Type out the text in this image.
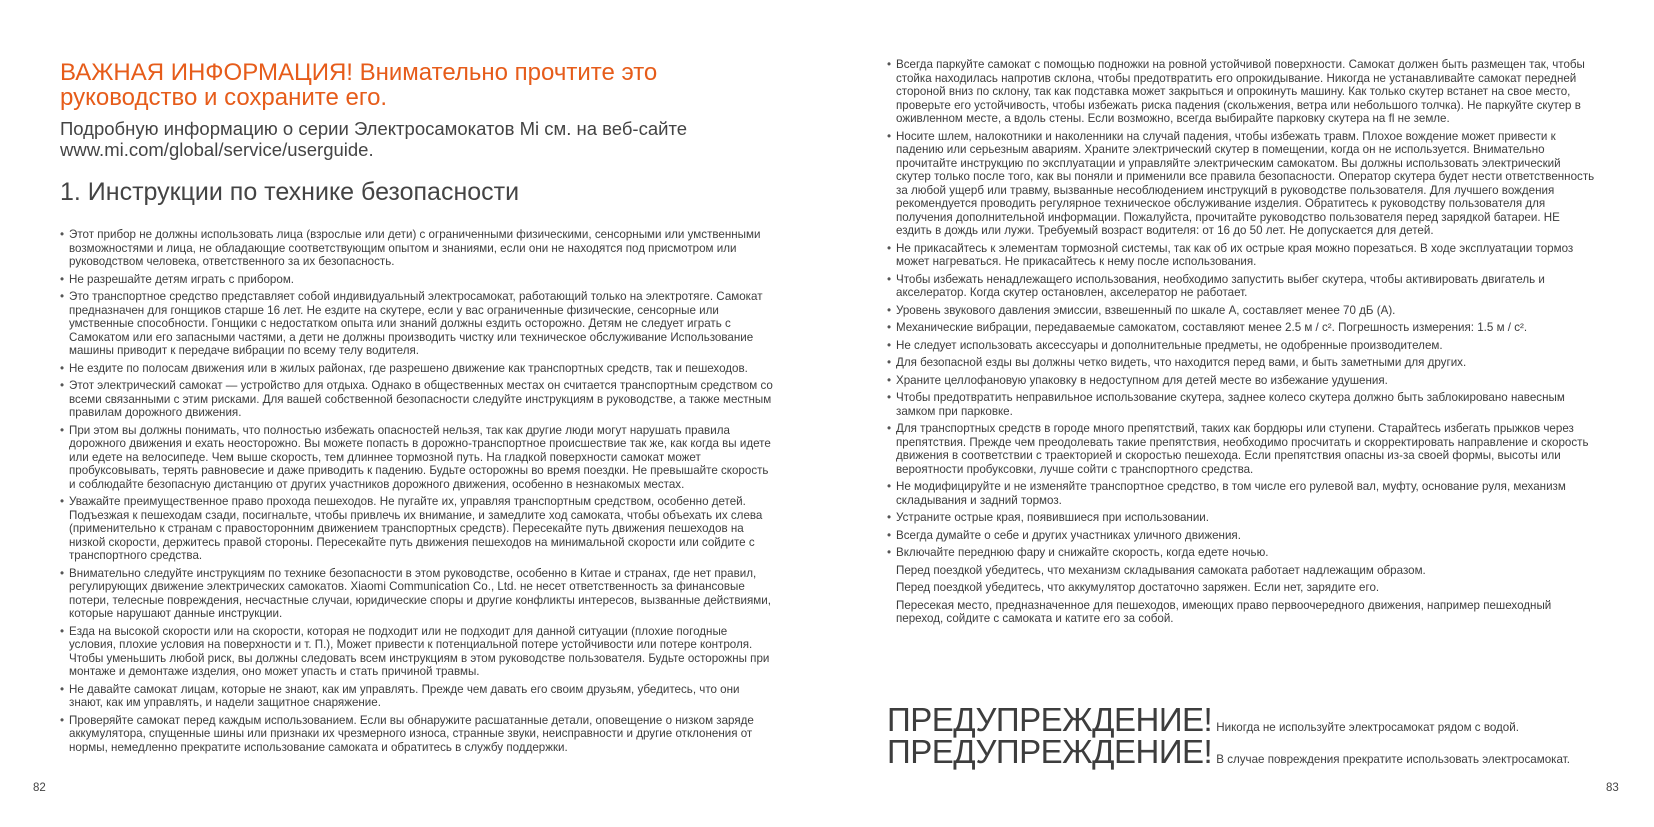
ВАЖНАЯ ИНФОРМАЦИЯ! Внимательно прочтите это руководство и сохраните его.

Подробную информацию о серии Электросамокатов Mi см. на веб-сайте www.mi.com/global/service/userguide.

1. Инструкции по технике безопасности
• Этот прибор не должны использовать лица (взрослые или дети) с ограниченными физическими, сенсорными или умственными возможностями и лица, не обладающие соответствующим опытом и знаниями, если они не находятся под присмотром или руководством человека, ответственного за их безопасность.
• Не разрешайте детям играть с прибором.
• Это транспортное средство представляет собой индивидуальный электросамокат, работающий только на электротяге. Самокат предназначен для гонщиков старше 16 лет. Не ездите на скутере, если у вас ограниченные физические, сенсорные или умственные способности. Гонщики с недостатком опыта или знаний должны ездить осторожно. Детям не следует играть с Самокатом или его запасными частями, а дети не должны производить чистку или техническое обслуживание Использование машины приводит к передаче вибрации по всему телу водителя.
• Не ездите по полосам движения или в жилых районах, где разрешено движение как транспортных средств, так и пешеходов.
• Этот электрический самокат — устройство для отдыха. Однако в общественных местах он считается транспортным средством со всеми связанными с этим рисками. Для вашей собственной безопасности следуйте инструкциям в руководстве, а также местным правилам дорожного движения.
• При этом вы должны понимать, что полностью избежать опасностей нельзя, так как другие люди могут нарушать правила дорожного движения и ехать неосторожно. Вы можете попасть в дорожно-транспортное происшествие так же, как когда вы идете или едете на велосипеде. Чем выше скорость, тем длиннее тормозной путь. На гладкой поверхности самокат может пробуксовывать, терять равновесие и даже приводить к падению. Будьте осторожны во время поездки. Не превышайте скорость и соблюдайте безопасную дистанцию от других участников дорожного движения, особенно в незнакомых местах.
• Уважайте преимущественное право прохода пешеходов. Не пугайте их, управляя транспортным средством, особенно детей. Подъезжая к пешеходам сзади, посигнальте, чтобы привлечь их внимание, и замедлите ход самоката, чтобы объехать их слева (применительно к странам с правосторонним движением транспортных средств). Пересекайте путь движения пешеходов на низкой скорости, держитесь правой стороны. Пересекайте путь движения пешеходов на минимальной скорости или сойдите с транспортного средства.
• Внимательно следуйте инструкциям по технике безопасности в этом руководстве, особенно в Китае и странах, где нет правил, регулирующих движение электрических самокатов. Xiaomi Communication Co., Ltd. не несет ответственность за финансовые потери, телесные повреждения, несчастные случаи, юридические споры и другие конфликты интересов, вызванные действиями, которые нарушают данные инструкции.
• Езда на высокой скорости или на скорости, которая не подходит или не подходит для данной ситуации (плохие погодные условия, плохие условия на поверхности и т. П.), Может привести к потенциальной потере устойчивости или потере контроля. Чтобы уменьшить любой риск, вы должны следовать всем инструкциям в этом руководстве пользователя. Будьте осторожны при монтаже и демонтаже изделия, оно может упасть и стать причиной травмы.
• Не давайте самокат лицам, которые не знают, как им управлять. Прежде чем давать его своим друзьям, убедитесь, что они знают, как им управлять, и надели защитное снаряжение.
• Проверяйте самокат перед каждым использованием. Если вы обнаружите расшатанные детали, оповещение о низком заряде аккумулятора, спущенные шины или признаки их чрезмерного износа, странные звуки, неисправности и другие отклонения от нормы, немедленно прекратите использование самоката и обратитесь в службу поддержки.
• Всегда паркуйте самокат с помощью подножки на ровной устойчивой поверхности. Самокат должен быть размещен так, чтобы стойка находилась напротив склона, чтобы предотвратить его опрокидывание. Никогда не устанавливайте самокат передней стороной вниз по склону, так как подставка может закрыться и опрокинуть машину. Как только скутер встанет на свое место, проверьте его устойчивость, чтобы избежать риска падения (скольжения, ветра или небольшого толчка). Не паркуйте скутер в оживленном месте, а вдоль стены. Если возможно, всегда выбирайте парковку скутера на fl не земле.
• Носите шлем, налокотники и наколенники на случай падения, чтобы избежать травм. Плохое вождение может привести к падению или серьезным авариям. Храните электрический скутер в помещении, когда он не используется. Внимательно прочитайте инструкцию по эксплуатации и управляйте электрическим самокатом. Вы должны использовать электрический скутер только после того, как вы поняли и применили все правила безопасности. Оператор скутера будет нести ответственность за любой ущерб или травму, вызванные несоблюдением инструкций в руководстве пользователя. Для лучшего вождения рекомендуется проводить регулярное техническое обслуживание изделия. Обратитесь к руководству пользователя для получения дополнительной информации. Пожалуйста, прочитайте руководство пользователя перед зарядкой батареи. НЕ ездить в дождь или лужи. Требуемый возраст водителя: от 16 до 50 лет. Не допускается для детей.
• Не прикасайтесь к элементам тормозной системы, так как об их острые края можно порезаться. В ходе эксплуатации тормоз может нагреваться. Не прикасайтесь к нему после использования.
• Чтобы избежать ненадлежащего использования, необходимо запустить выбег скутера, чтобы активировать двигатель и акселератор. Когда скутер остановлен, акселератор не работает.
• Уровень звукового давления эмиссии, взвешенный по шкале А, составляет менее 70 дБ (A).
• Механические вибрации, передаваемые самокатом, составляют менее 2.5 м / с². Погрешность измерения: 1.5 м / с².
• Не следует использовать аксессуары и дополнительные предметы, не одобренные производителем.
• Для безопасной езды вы должны четко видеть, что находится перед вами, и быть заметными для других.
• Храните целлофановую упаковку в недоступном для детей месте во избежание удушения.
• Чтобы предотвратить неправильное использование скутера, заднее колесо скутера должно быть заблокировано навесным замком при парковке.
• Для транспортных средств в городе много препятствий, таких как бордюры или ступени. Старайтесь избегать прыжков через препятствия. Прежде чем преодолевать такие препятствия, необходимо просчитать и скорректировать направление и скорость движения в соответствии с траекторией и скоростью пешехода. Если препятствия опасны из-за своей формы, высоты или вероятности пробуксовки, лучше сойти с транспортного средства.
• Не модифицируйте и не изменяйте транспортное средство, в том числе его рулевой вал, муфту, основание руля, механизм складывания и задний тормоз.
• Устраните острые края, появившиеся при использовании.
• Всегда думайте о себе и других участниках уличного движения.
• Включайте переднюю фару и снижайте скорость, когда едете ночью.
Перед поездкой убедитесь, что механизм складывания самоката работает надлежащим образом.
Перед поездкой убедитесь, что аккумулятор достаточно заряжен. Если нет, зарядите его.
Пересекая место, предназначенное для пешеходов, имеющих право первоочередного движения, например пешеходный переход, сойдите с самоката и катите его за собой.
ПРЕДУПРЕЖДЕНИЕ! Никогда не используйте электросамокат рядом с водой.
ПРЕДУПРЕЖДЕНИЕ! В случае повреждения прекратите использовать электросамокат.
82	83
